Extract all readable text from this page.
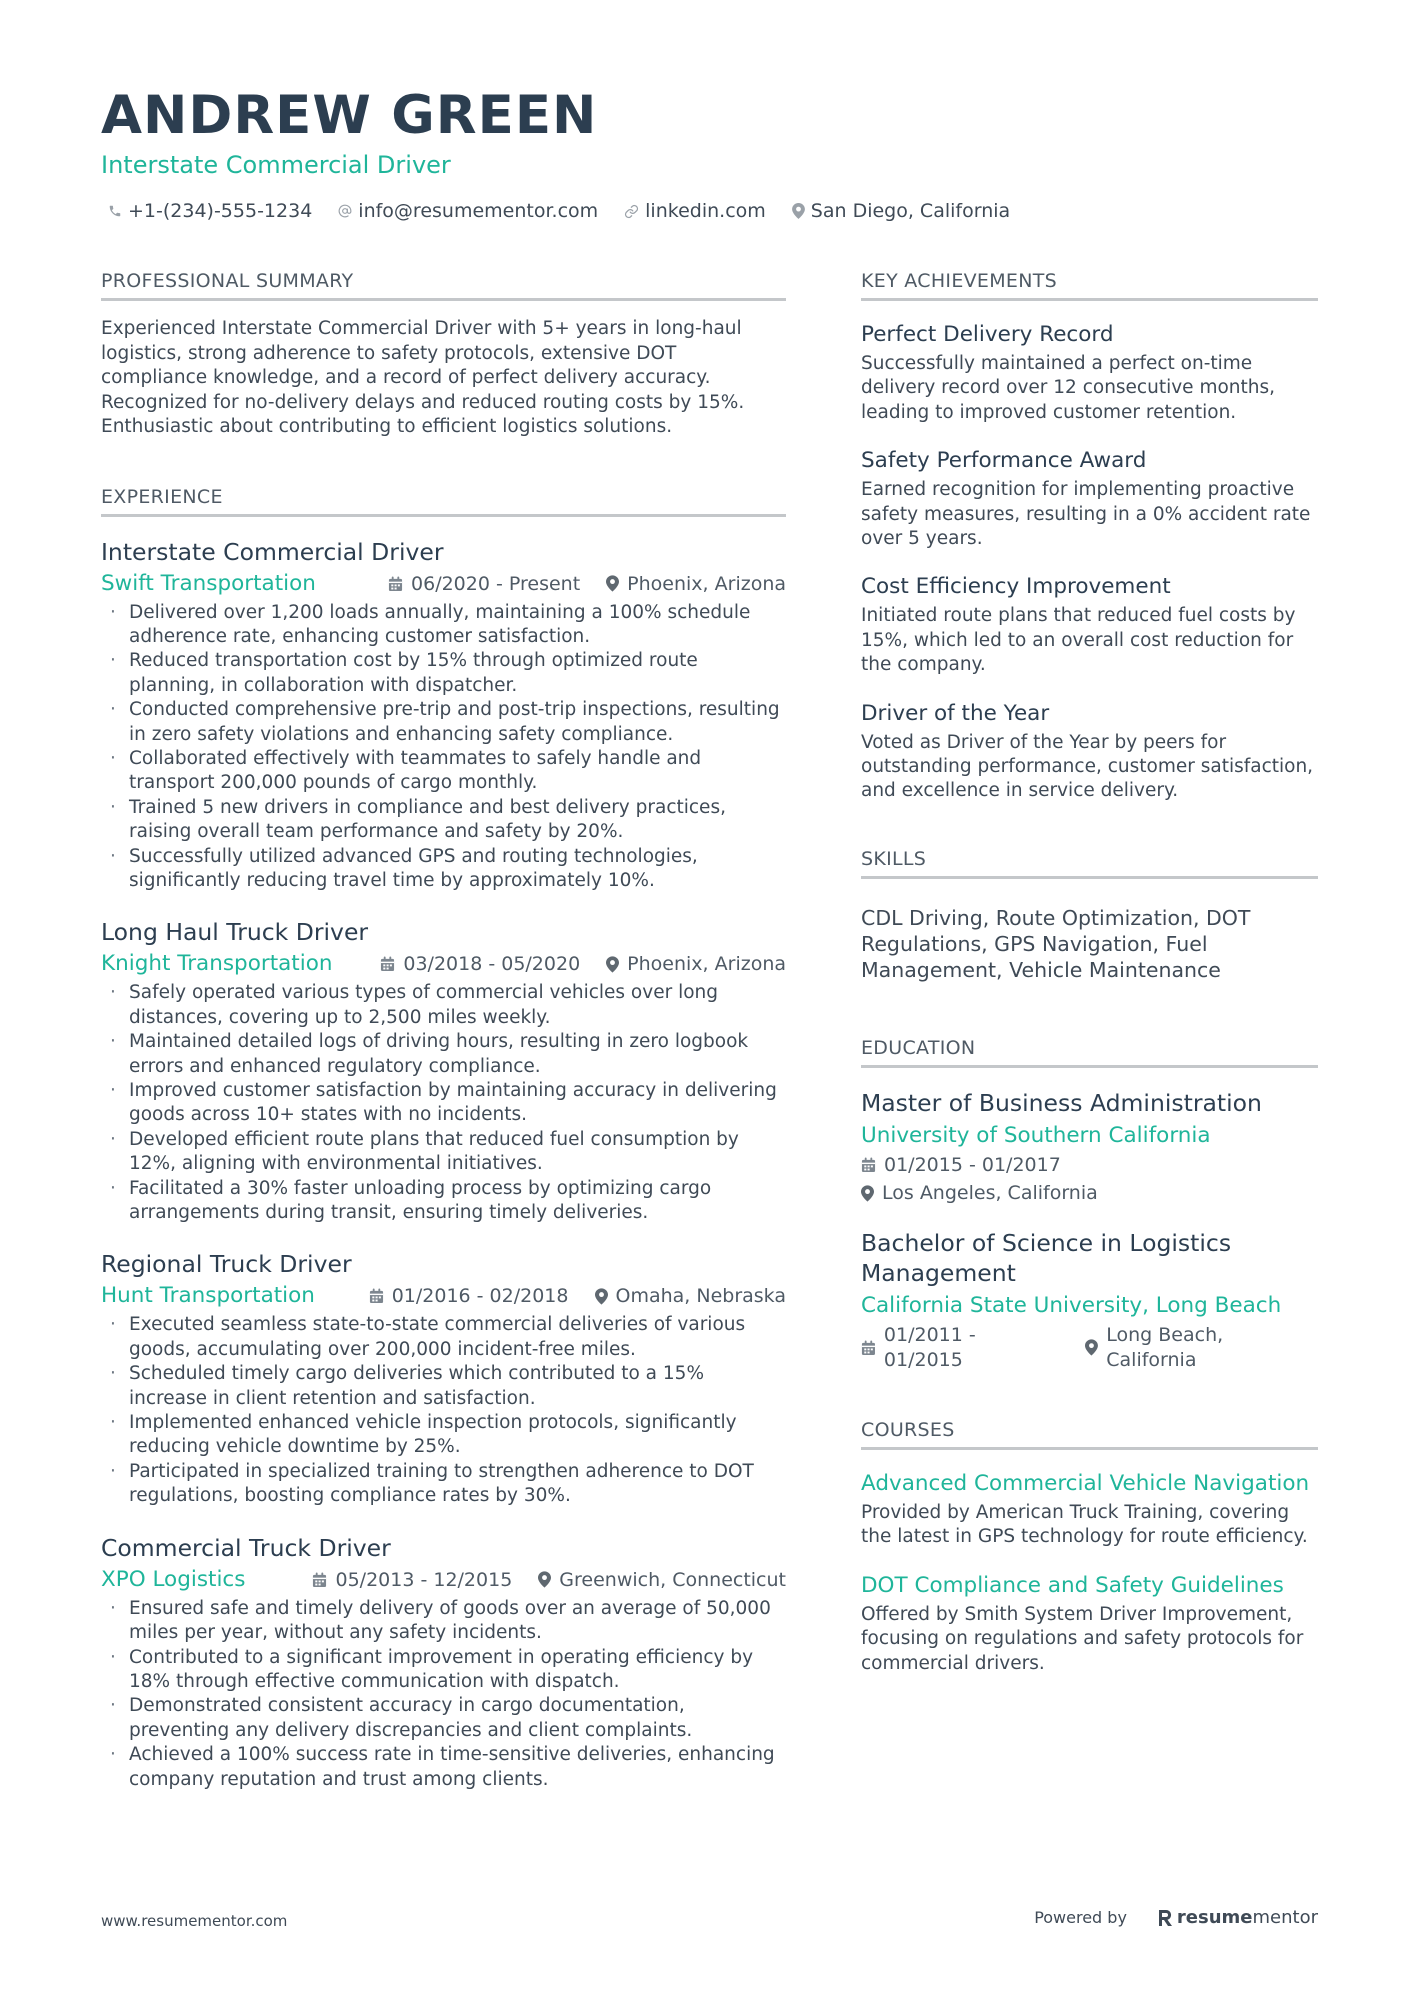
ANDREW GREEN
Interstate Commercial Driver
+1-(234)-555-1234 info@resumementor.com linkedin.com San Diego, California
PROFESSIONAL SUMMARY

Experienced Interstate Commercial Driver with 5+ years in long-haul logistics, strong adherence to safety protocols, extensive DOT compliance knowledge, and a record of perfect delivery accuracy. Recognized for no-delivery delays and reduced routing costs by 15%. Enthusiastic about contributing to efficient logistics solutions.

EXPERIENCE
Interstate Commercial Driver
Swift Transportation	06/2020 - Present Phoenix, Arizona
· Delivered over 1,200 loads annually, maintaining a 100% schedule adherence rate, enhancing customer satisfaction.
· Reduced transportation cost by 15% through optimized route planning, in collaboration with dispatcher.
· Conducted comprehensive pre-trip and post-trip inspections, resulting in zero safety violations and enhancing safety compliance.
· Collaborated effectively with teammates to safely handle and transport 200,000 pounds of cargo monthly.
· Trained 5 new drivers in compliance and best delivery practices, raising overall team performance and safety by 20%.
· Successfully utilized advanced GPS and routing technologies, significantly reducing travel time by approximately 10%.
Long Haul Truck Driver
Knight Transportation	03/2018 - 05/2020 Phoenix, Arizona
· Safely operated various types of commercial vehicles over long distances, covering up to 2,500 miles weekly.
· Maintained detailed logs of driving hours, resulting in zero logbook errors and enhanced regulatory compliance.
· Improved customer satisfaction by maintaining accuracy in delivering goods across 10+ states with no incidents.
· Developed efficient route plans that reduced fuel consumption by 12%, aligning with environmental initiatives.
· Facilitated a 30% faster unloading process by optimizing cargo arrangements during transit, ensuring timely deliveries.
Regional Truck Driver
Hunt Transportation	01/2016 - 02/2018 Omaha, Nebraska
· Executed seamless state-to-state commercial deliveries of various goods, accumulating over 200,000 incident-free miles.
· Scheduled timely cargo deliveries which contributed to a 15% increase in client retention and satisfaction.
· Implemented enhanced vehicle inspection protocols, significantly reducing vehicle downtime by 25%.
· Participated in specialized training to strengthen adherence to DOT regulations, boosting compliance rates by 30%.
Commercial Truck Driver
XPO Logistics	05/2013 - 12/2015 Greenwich, Connecticut
· Ensured safe and timely delivery of goods over an average of 50,000 miles per year, without any safety incidents.
· Contributed to a significant improvement in operating efficiency by 18% through effective communication with dispatch.
· Demonstrated consistent accuracy in cargo documentation, preventing any delivery discrepancies and client complaints.
· Achieved a 100% success rate in time-sensitive deliveries, enhancing company reputation and trust among clients.
KEY ACHIEVEMENTS
Perfect Delivery Record
Successfully maintained a perfect on-time delivery record over 12 consecutive months, leading to improved customer retention.
Safety Performance Award
Earned recognition for implementing proactive safety measures, resulting in a 0% accident rate over 5 years.
Cost Efficiency Improvement
Initiated route plans that reduced fuel costs by 15%, which led to an overall cost reduction for the company.
Driver of the Year
Voted as Driver of the Year by peers for outstanding performance, customer satisfaction, and excellence in service delivery.
SKILLS
CDL Driving, Route Optimization, DOT Regulations, GPS Navigation, Fuel Management, Vehicle Maintenance
EDUCATION
Master of Business Administration
University of Southern California
01/2015 - 01/2017
Los Angeles, California
Bachelor of Science in Logistics Management
California State University, Long Beach
01/2011 - 01/2015
Long Beach, California
COURSES
Advanced Commercial Vehicle Navigation
Provided by American Truck Training, covering the latest in GPS technology for route efficiency.
DOT Compliance and Safety Guidelines
Offered by Smith System Driver Improvement, focusing on regulations and safety protocols for commercial drivers.
www.resumementor.com	Powered by	resume mentor
